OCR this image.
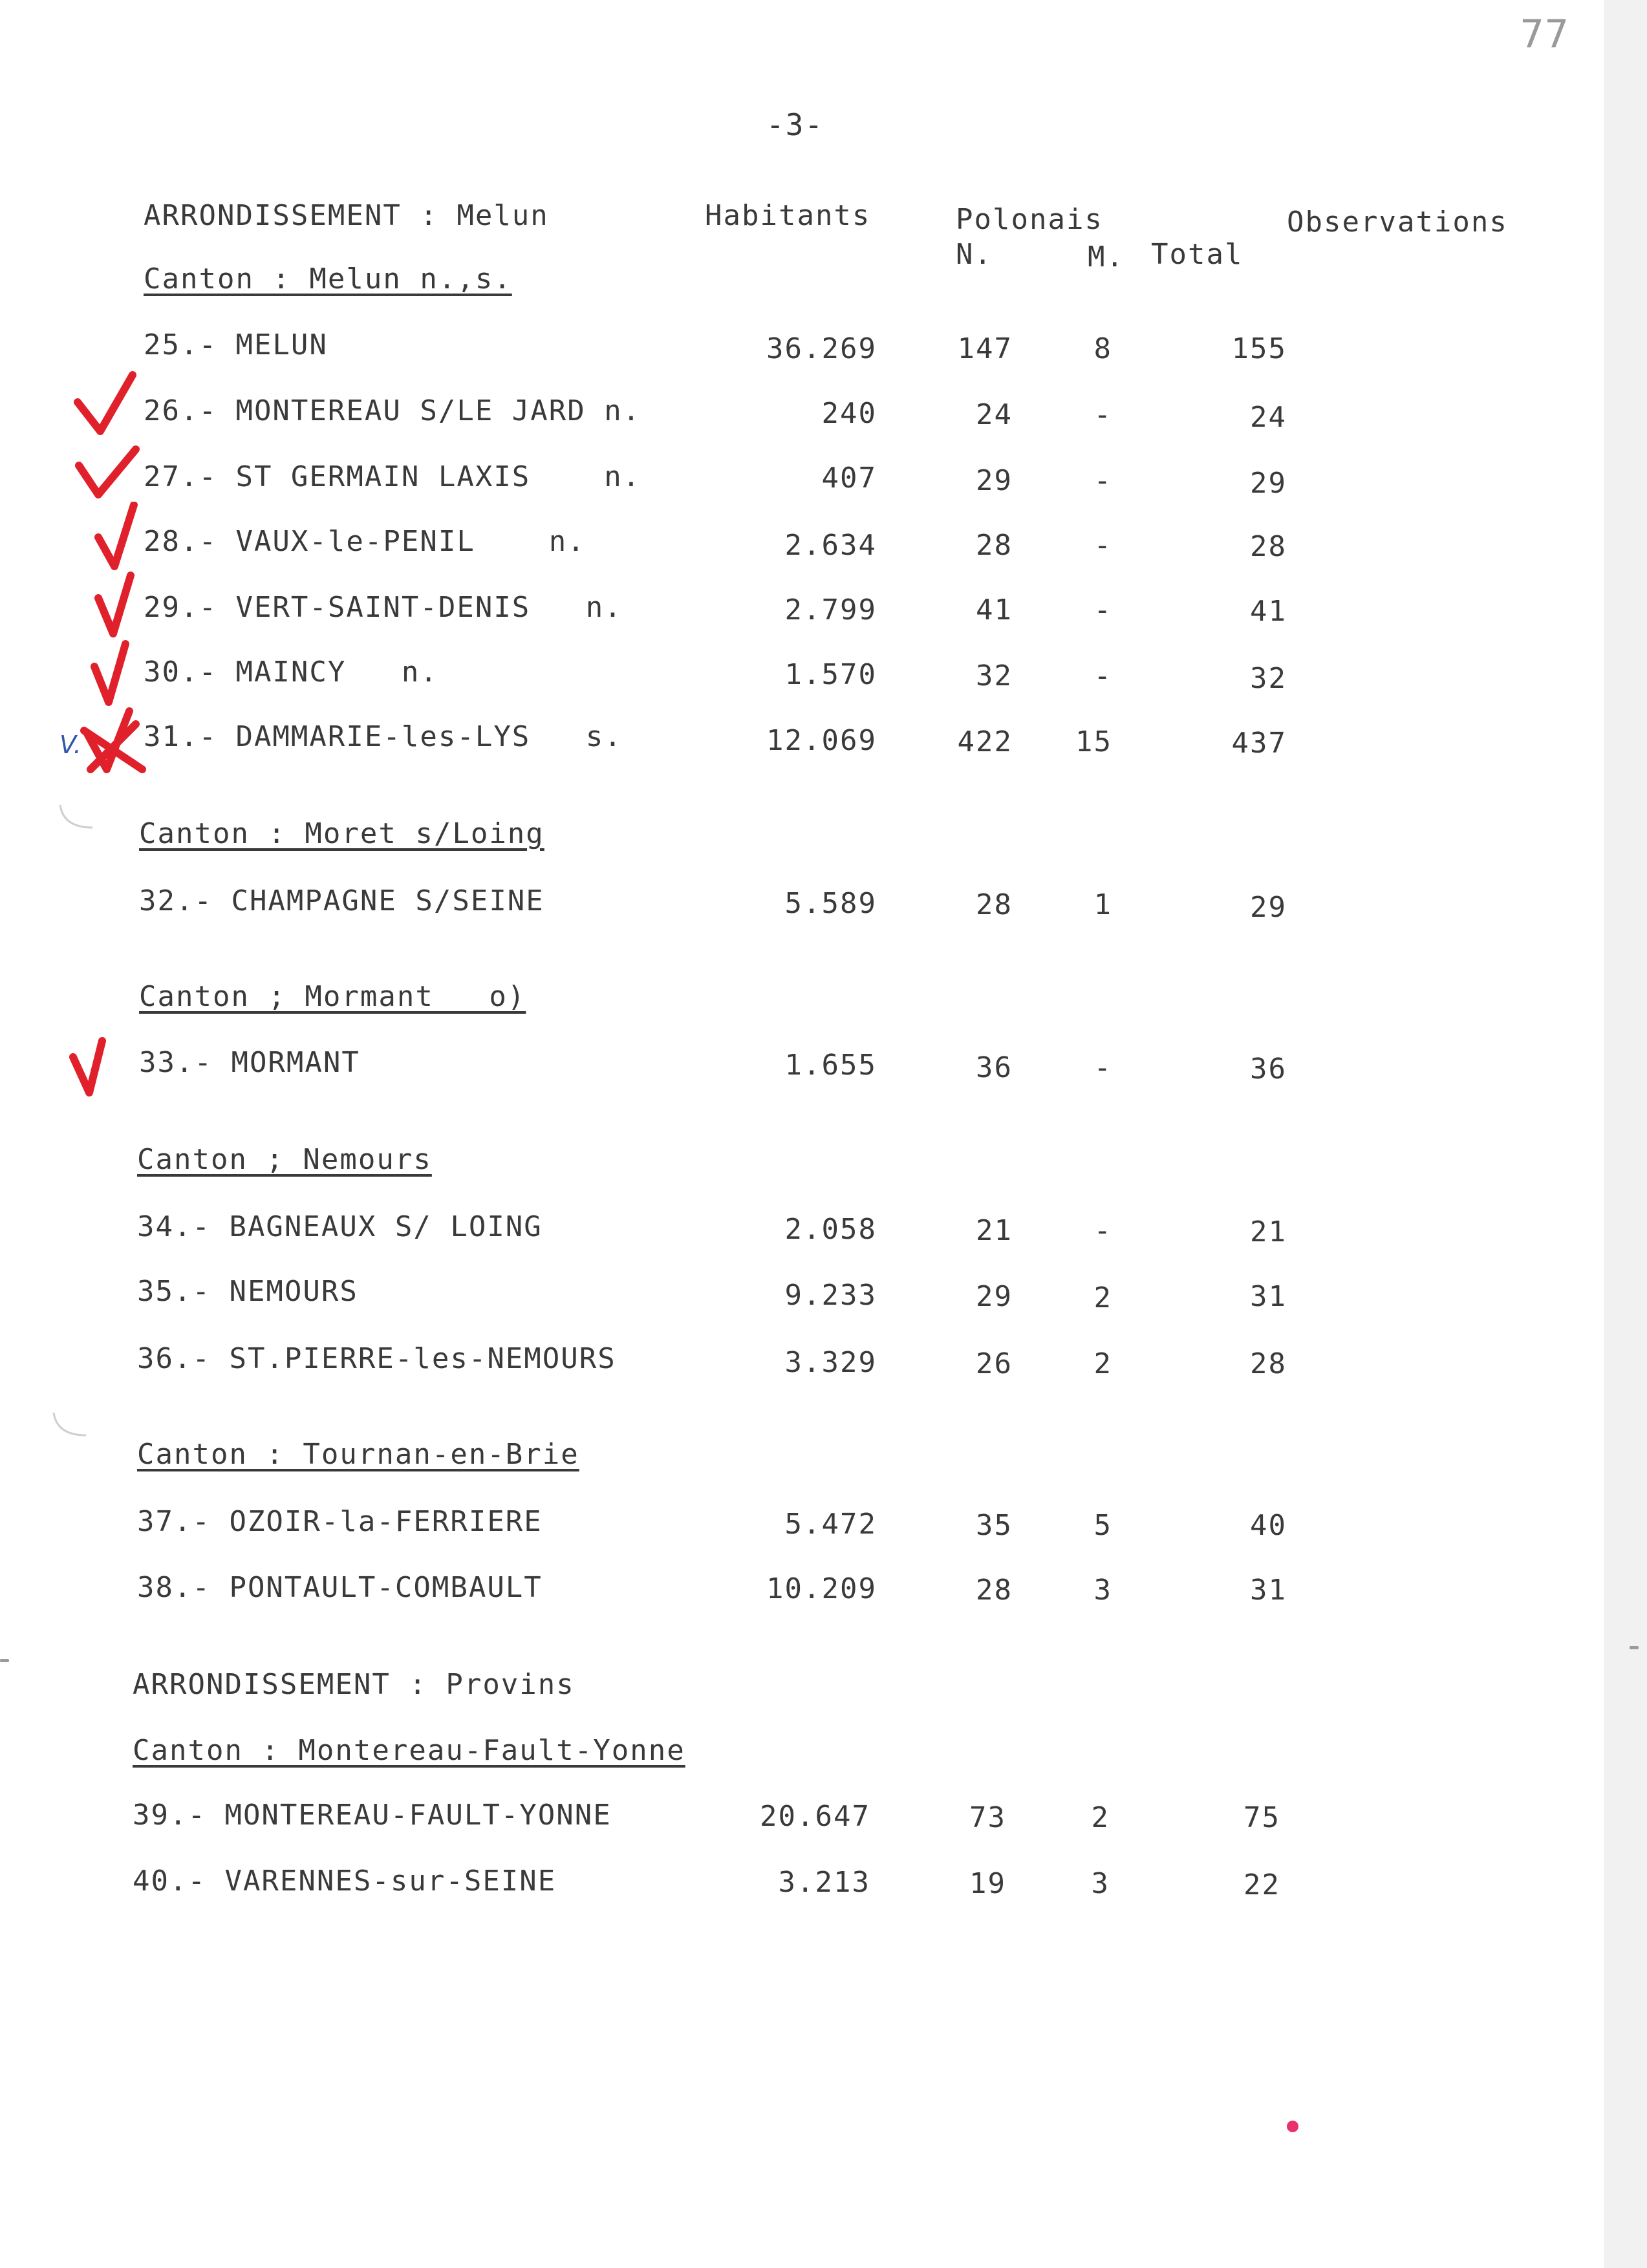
77
-3-
ARRONDISSEMENT : Melun	Habitants	Polonais	Observations
N.	M. Total
Canton : Melun n.,s.
25.- MELUN	36.269	147	8	155
26.- MONTEREAU S/LE JARD n.	240	24	-	24
27.- ST GERMAIN LAXIS    n.	407	29	-	29
28.- VAUX-le-PENIL    n.	2.634	28	-	28
29.- VERT-SAINT-DENIS   n.	2.799	41	-	41
30.- MAINCY   n.	1.570	32	-	32
31.- DAMMARIE-les-LYS   s.	12.069	422	15	437
Canton : Moret s/Loing
32.- CHAMPAGNE S/SEINE	5.589	28	1	29
Canton ; Mormant   o)
33.- MORMANT	1.655	36	-	36
Canton ; Nemours
34.- BAGNEAUX S/ LOING	2.058	21	-	21
35.- NEMOURS	9.233	29	2	31
36.- ST.PIERRE-les-NEMOURS	3.329	26	2	28
Canton : Tournan-en-Brie
37.- OZOIR-la-FERRIERE	5.472	35	5	40
38.- PONTAULT-COMBAULT	10.209	28	3	31
ARRONDISSEMENT : Provins
Canton : Montereau-Fault-Yonne
39.- MONTEREAU-FAULT-YONNE	20.647	73	2	75
40.- VARENNES-sur-SEINE	3.213	19	3	22
V.
